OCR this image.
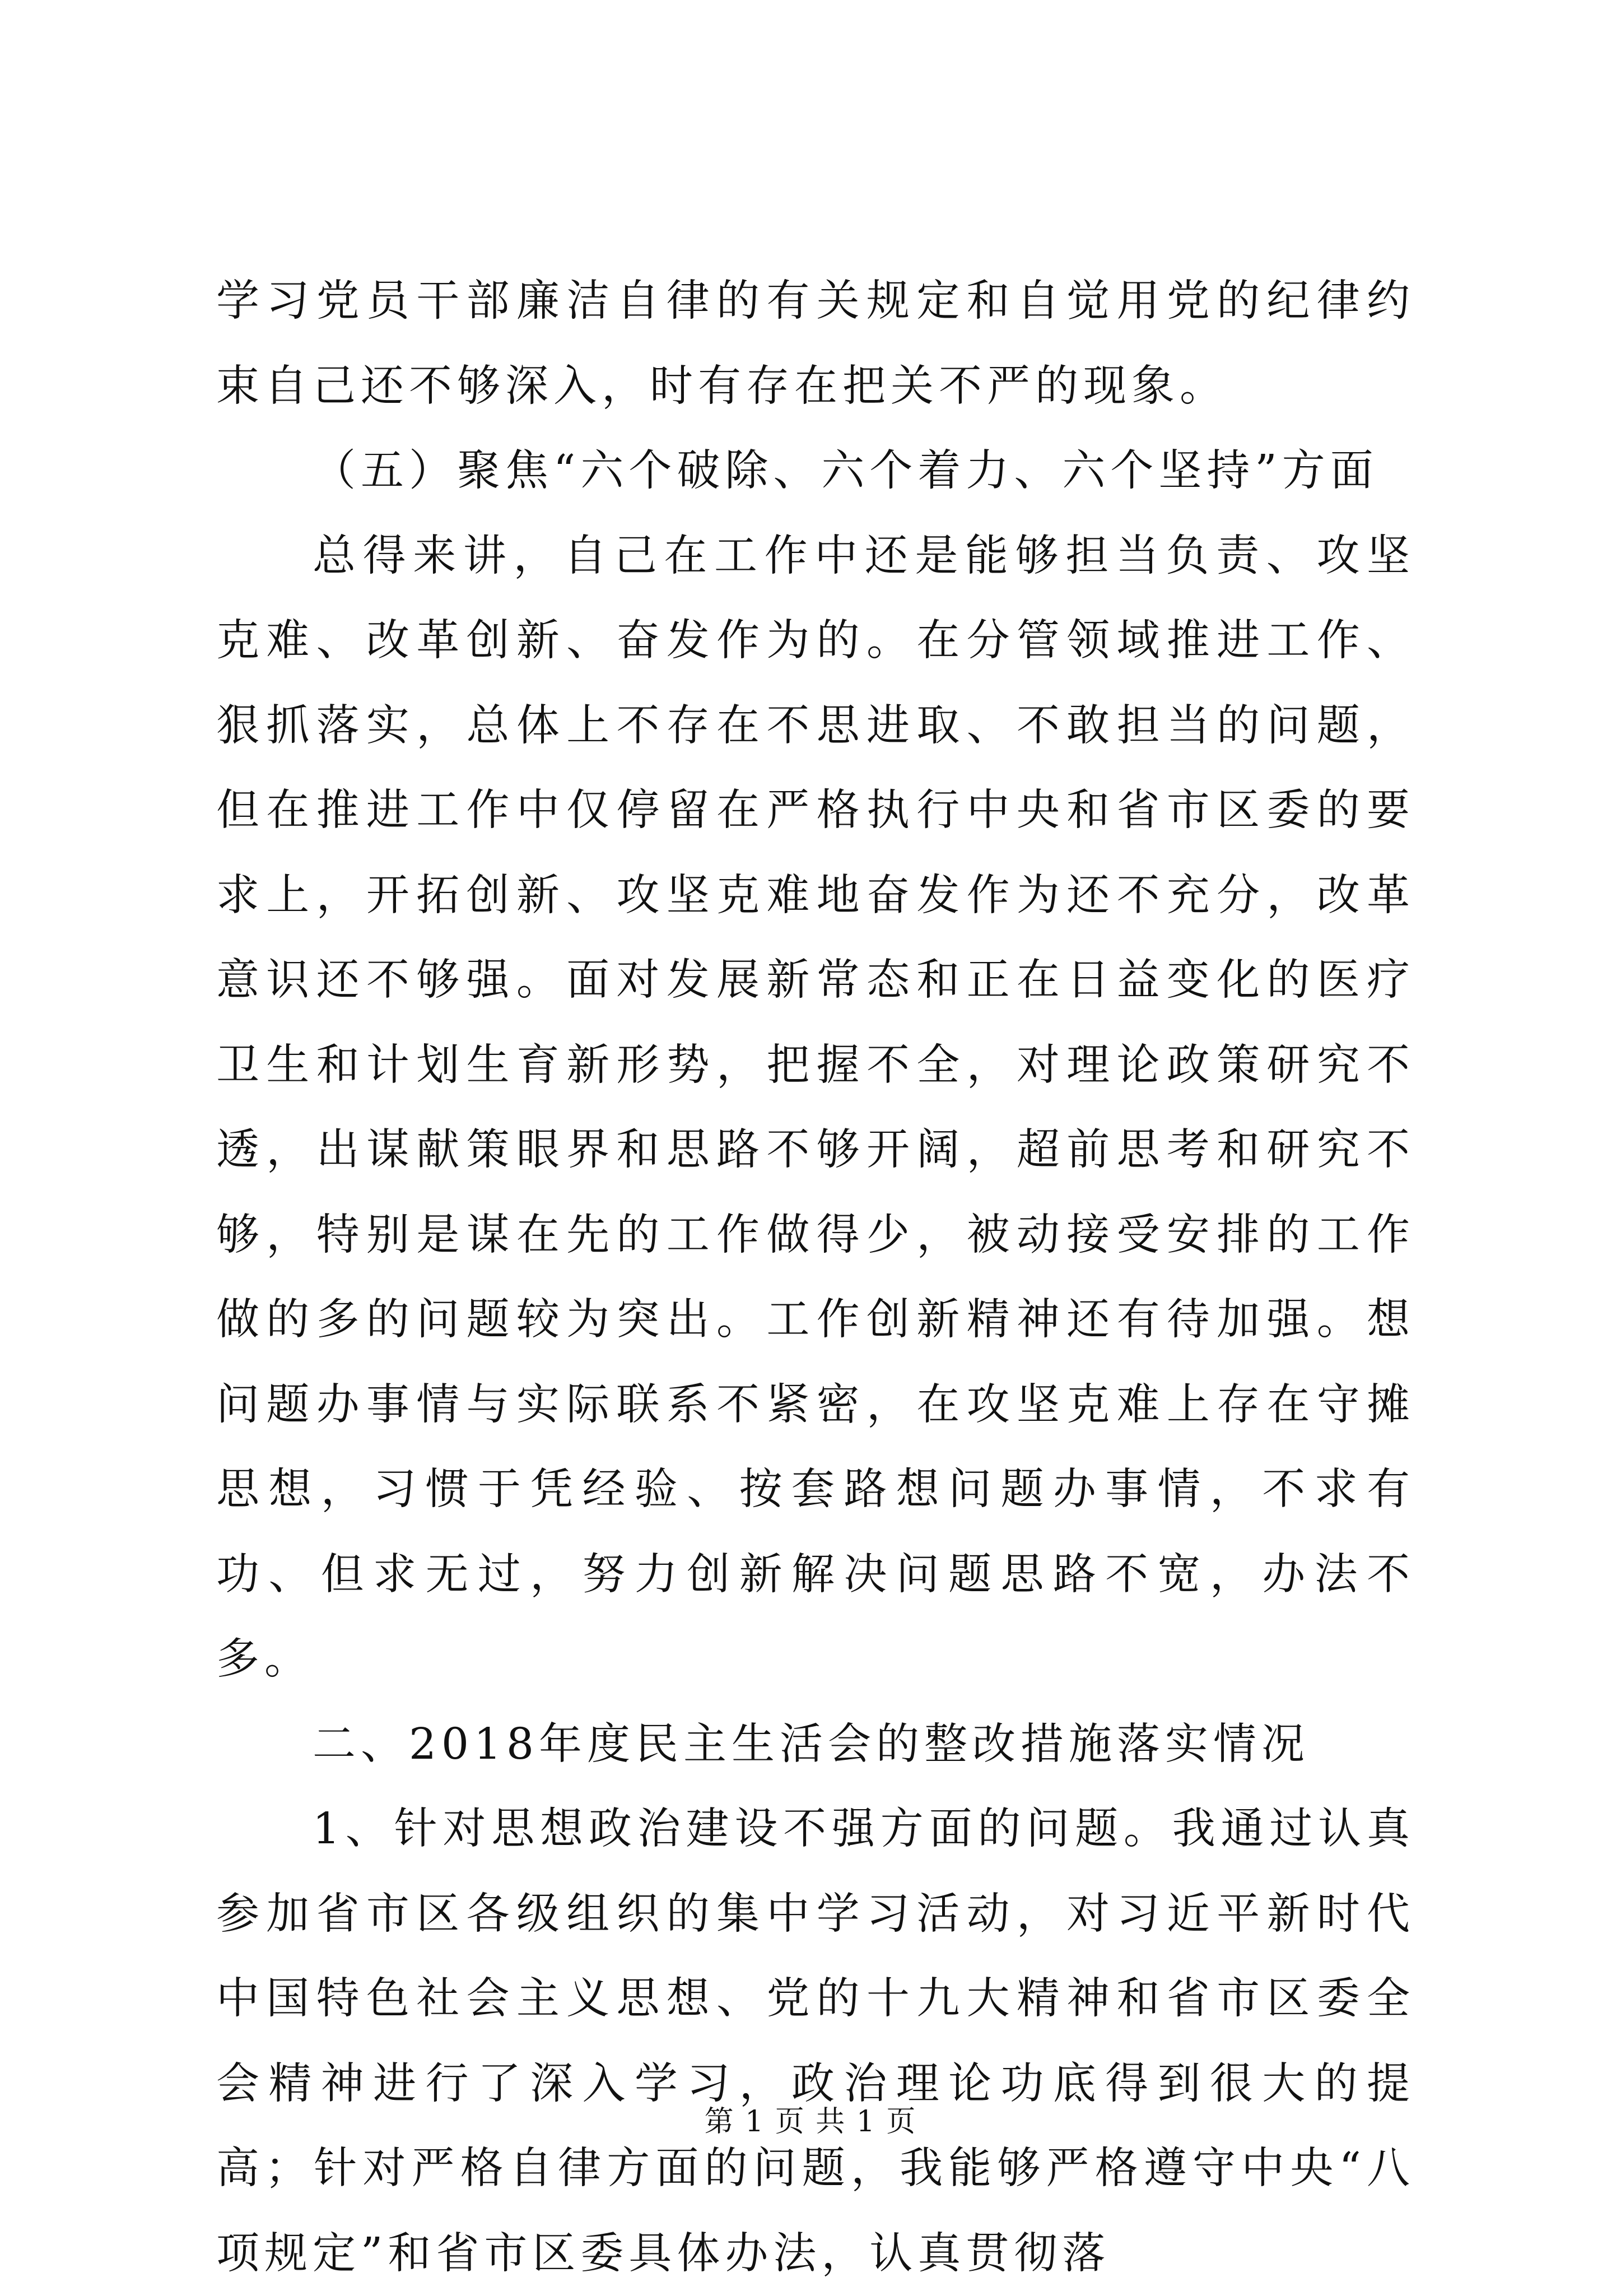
学习党员干部廉洁自律的有关规定和自觉用党的纪律约束自己还不够深入，时有存在把关不严的现象。

（五）聚焦“六个破除、六个着力、六个坚持”方面

总得来讲，自己在工作中还是能够担当负责、攻坚克难、改革创新、奋发作为的。在分管领域推进工作、狠抓落实，总体上不存在不思进取、不敢担当的问题，但在推进工作中仅停留在严格执行中央和省市区委的要求上，开拓创新、攻坚克难地奋发作为还不充分，改革意识还不够强。面对发展新常态和正在日益变化的医疗卫生和计划生育新形势，把握不全，对理论政策研究不透，出谋献策眼界和思路不够开阔，超前思考和研究不够，特别是谋在先的工作做得少，被动接受安排的工作做的多的问题较为突出。工作创新精神还有待加强。想问题办事情与实际联系不紧密，在攻坚克难上存在守摊思想，习惯于凭经验、按套路想问题办事情，不求有功、但求无过，努力创新解决问题思路不宽，办法不多。

二、2018年度民主生活会的整改措施落实情况

1、针对思想政治建设不强方面的问题。我通过认真参加省市区各级组织的集中学习活动，对习近平新时代中国特色社会主义思想、党的十九大精神和省市区委全会精神进行了深入学习，政治理论功底得到很大的提高；针对严格自律方面的问题，我能够严格遵守中央“八项规定”和省市区委具体办法，认真贯彻落

第 1 页 共 1 页
